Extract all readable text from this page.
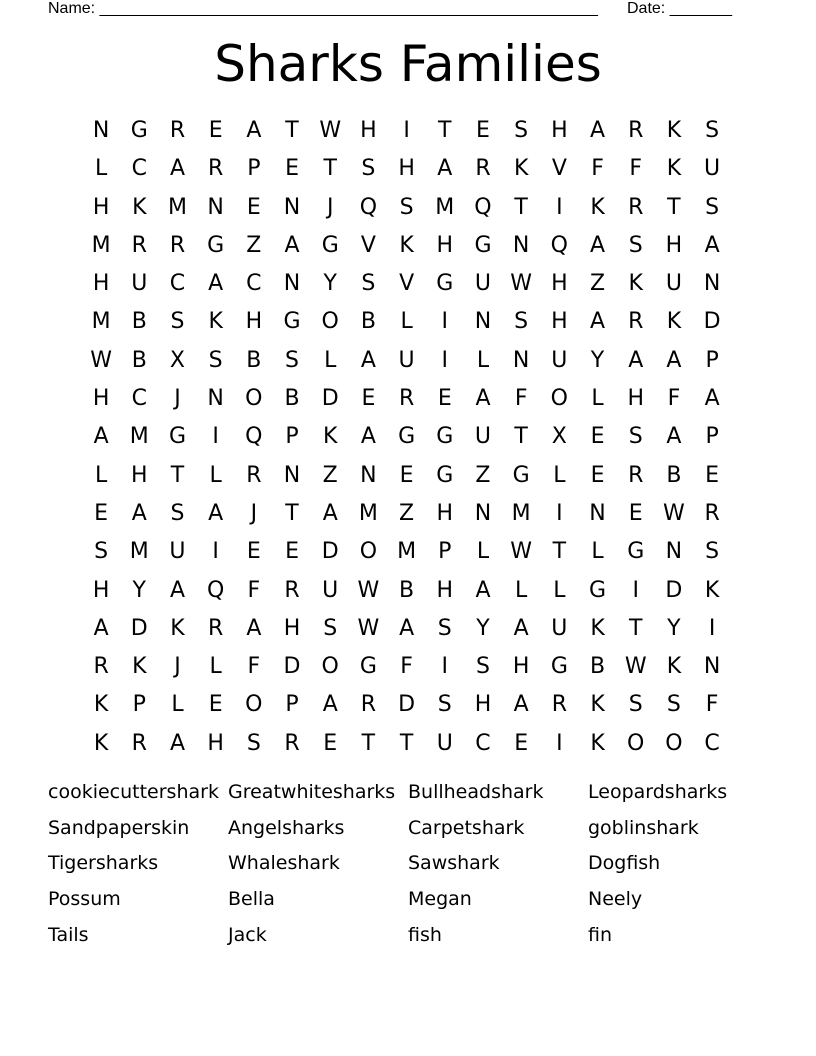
Name: ________________________________________________________ Date: _______
Sharks Families
N G	R	E	A	T W H	I	T	E	S	H	A	R	K	S
L	C	A	R	P	E	T	S	H	A	R	K	V	F	F	K	U
H	K M N	E	N	J	Q	S M Q	T	I	K	R	T	S
M R	R	G	Z	A	G	V	K	H G N Q	A	S	H	A
H U	C	A	C	N	Y	S	V	G U W H	Z	K	U N
M B	S	K	H G O B	L	I	N	S	H	A	R	K	D
W B	X	S	B	S	L	A	U	I	L	N U	Y	A	A	P
H	C	J	N O B	D	E	R	E	A	F	O	L	H	F	A
A M G	I	Q	P	K	A	G G U	T	X	E	S	A	P
L	H	T	L	R	N	Z	N	E	G	Z	G	L	E	R	B	E
E	A	S	A	J	T	A M Z	H N M	I	N	E W R
S M U	I	E	E	D O M	P	L W T	L	G N	S
H	Y	A Q	F	R	U W B	H	A	L	L	G	I	D	K
A	D	K	R	A	H	S W A	S	Y	A	U	K	T	Y	I
R	K	J	L	F	D O G	F	I	S	H G	B W K	N
K	P	L	E	O	P	A	R	D	S	H	A	R	K	S	S	F
K	R	A	H	S	R	E	T	T	U	C	E	I	K	O O C
cookiecuttershark Greatwhitesharks Bullheadshark	Leopardsharks
Sandpaperskin	Angelsharks	Carpetshark	goblinshark
Tigersharks	Whaleshark	Sawshark	Dogfish
Possum	Bella	Megan	Neely
Tails	Jack	fish	fin
